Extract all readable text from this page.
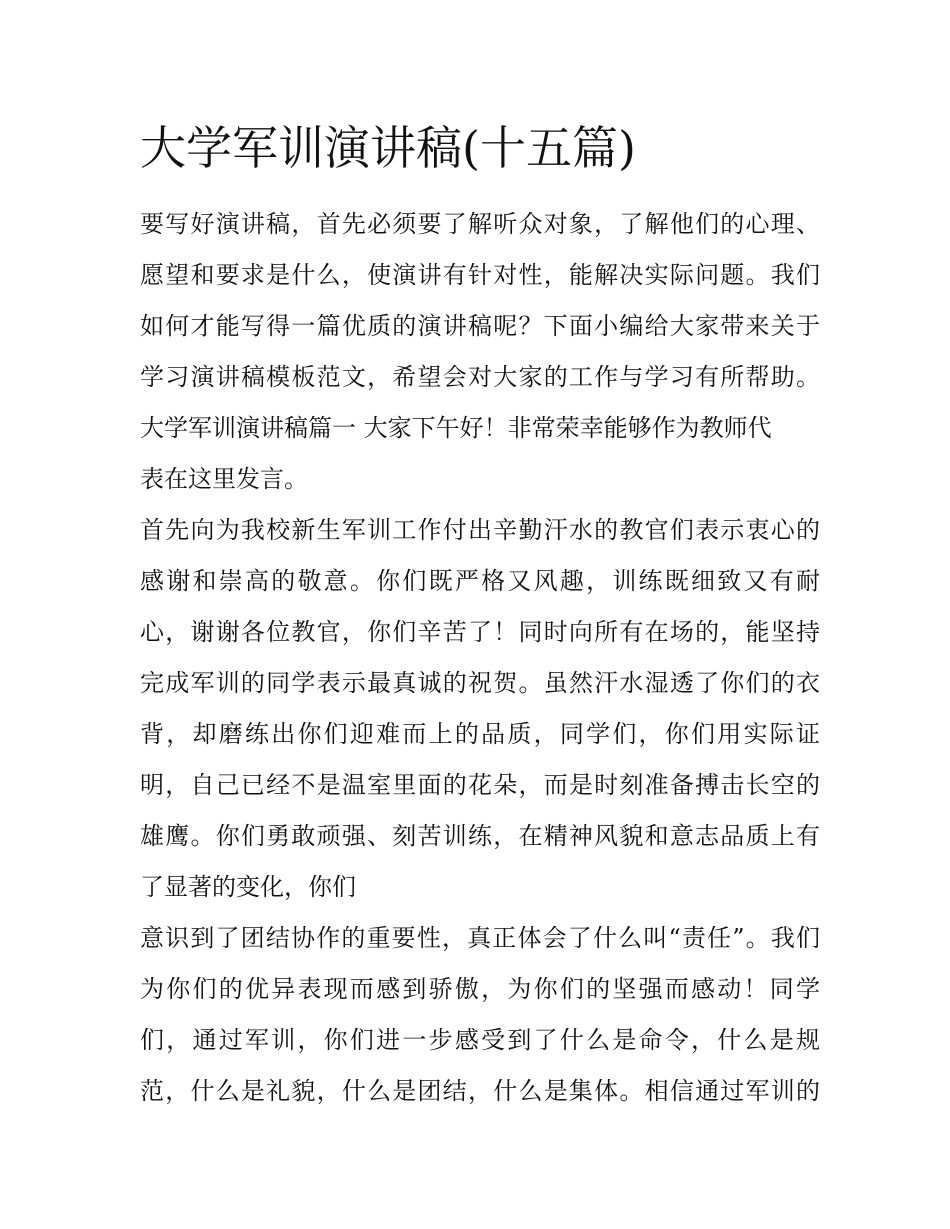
大学军训演讲稿(十五篇)
要写好演讲稿，首先必须要了解听众对象，了解他们的心理、
愿望和要求是什么，使演讲有针对性，能解决实际问题。我们
如何才能写得一篇优质的演讲稿呢？下面小编给大家带来关于
学习演讲稿模板范文，希望会对大家的工作与学习有所帮助。
大学军训演讲稿篇一 大家下午好！非常荣幸能够作为教师代
表在这里发言。
首先向为我校新生军训工作付出辛勤汗水的教官们表示衷心的
感谢和崇高的敬意。你们既严格又风趣，训练既细致又有耐
心，谢谢各位教官，你们辛苦了！同时向所有在场的，能坚持
完成军训的同学表示最真诚的祝贺。虽然汗水湿透了你们的衣
背，却磨练出你们迎难而上的品质，同学们，你们用实际证
明，自己已经不是温室里面的花朵，而是时刻准备搏击长空的
雄鹰。你们勇敢顽强、刻苦训练，在精神风貌和意志品质上有
了显著的变化，你们
意识到了团结协作的重要性，真正体会了什么叫“责任”。我们
为你们的优异表现而感到骄傲，为你们的坚强而感动！同学
们，通过军训，你们进一步感受到了什么是命令，什么是规
范，什么是礼貌，什么是团结，什么是集体。相信通过军训的
